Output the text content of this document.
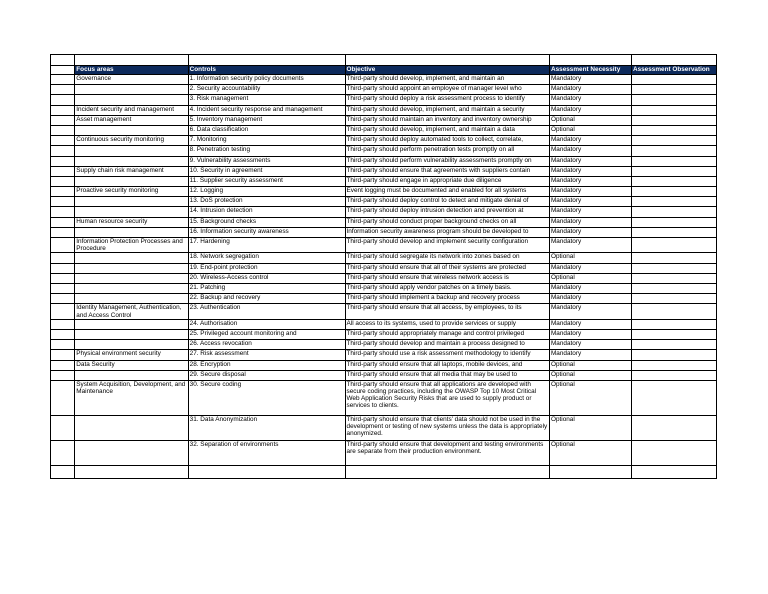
	Focus areas	Controls	Objective	Assessment Necessity	Assessment Observation
	Governance	1. Information security policy documents	Third-party should develop, implement, and maintain an	Mandatory	
		2. Security accountability	Third-party should appoint an employee of manager level who	Mandatory	
		3. Risk management	Third-party should deploy a risk assessment process to identify	Mandatory	
	Incident security and management	4. Incident security response and management	Third-party should develop, implement, and maintain a security	Mandatory	
	Asset management	5. Inventory management	Third-party should maintain an inventory and inventory ownership	Optional	
		6. Data classification	Third-party should develop, implement, and maintain a data	Optional	
	Continuous security monitoring	7. Monitoring	Third-party should deploy automated tools to collect, correlate,	Mandatory	
		8. Penetration testing	Third-party should perform penetration tests promptly on all	Mandatory	
		9. Vulnerability assessments	Third-party should perform vulnerability assessments promptly on	Mandatory	
	Supply chain risk management	10. Security in agreement	Third-party should ensure that agreements with suppliers contain	Mandatory	
		11. Supplier security assessment	Third-party should engage in appropriate due diligence	Mandatory	
	Proactive security monitoring	12. Logging	Event logging must be documented and enabled for all systems	Mandatory	
		13. DoS protection	Third-party should deploy control to detect and mitigate denial of	Mandatory	
		14. Intrusion detection	Third-party should deploy intrusion detection and prevention at	Mandatory	
	Human resource security	15. Background checks	Third-party should conduct proper background checks on all	Mandatory	
		16. Information security awareness	Information security awareness program should be developed to	Mandatory	
	Information Protection Processes and Procedure	17. Hardening	Third-party should develop and implement security configuration	Mandatory	
		18. Network segregation	Third-party should segregate its network into zones based on	Optional	
		19. End-point protection	Third-party should ensure that all of their systems are protected	Mandatory	
		20. Wireless-Access control	Third-party should ensure that wireless network access is	Optional	
		21. Patching	Third-party should apply vendor patches on a timely basis.	Mandatory	
		22. Backup and recovery	Third-party should implement a backup and recovery process	Mandatory	
	Identity Management, Authentication, and Access Control	23. Authentication	Third-party should ensure that all access, by employees, to its	Mandatory	
		24. Authorisation	All access to its systems, used to provide services or supply	Mandatory	
		25. Privileged account monitoring and	Third-party should appropriately manage and control privileged	Mandatory	
		26. Access revocation	Third-party should develop and maintain a process designed to	Mandatory	
	Physical environment security	27. Risk assessment	Third-party should use a risk assessment methodology to identify	Mandatory	
	Data Security	28. Encryption	Third-party should ensure that all laptops, mobile devices, and	Optional	
		29. Secure disposal	Third-party should ensure that all media that may be used to	Optional	
	System Acquisition, Development, and Maintenance	30. Secure coding	Third-party should ensure that all applications are developed with secure coding practices, including the OWASP Top 10 Most Critical Web Application Security Risks that are used to supply product or services to clients.	Optional	
		31. Data Anonymization	Third-party should ensure that clients' data should not be used in the development or testing of new systems unless the data is appropriately anonymized.	Optional	
		32. Separation of environments	Third-party should ensure that development and testing environments are separate from their production environment.	Optional	
